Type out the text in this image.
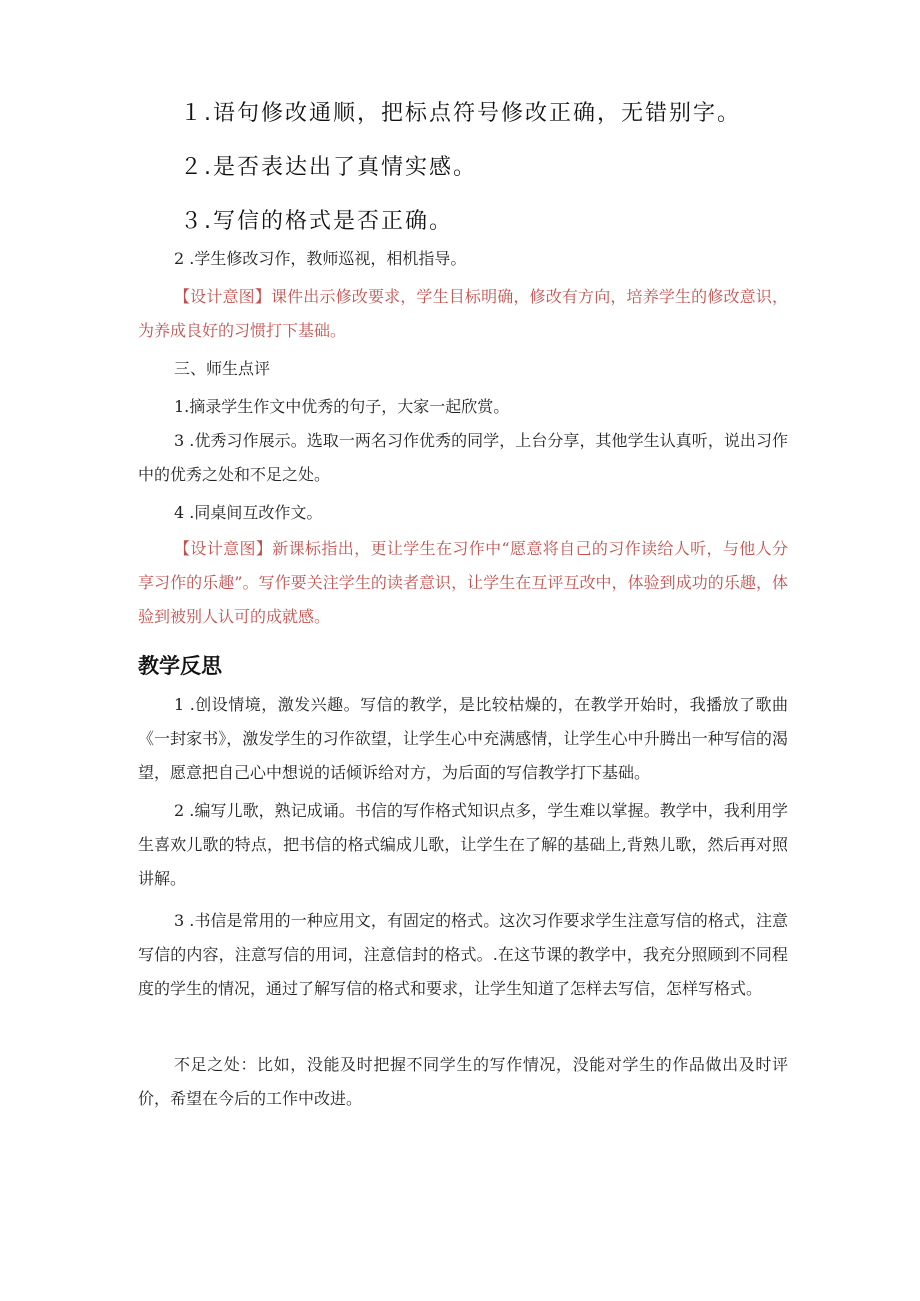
１.语句修改通顺，把标点符号修改正确，无错别字。
２.是否表达出了真情实感。
３.写信的格式是否正确。
2 .学生修改习作，教师巡视，相机指导。
【设计意图】课件出示修改要求，学生目标明确，修改有方向，培养学生的修改意识，为养成良好的习惯打下基础。
三、师生点评
1.摘录学生作文中优秀的句子，大家一起欣赏。
3 .优秀习作展示。选取一两名习作优秀的同学，上台分享，其他学生认真听，说出习作中的优秀之处和不足之处。
4 .同桌间互改作文。
【设计意图】新课标指出，更让学生在习作中“愿意将自己的习作读给人听，与他人分享习作的乐趣”。写作要关注学生的读者意识，让学生在互评互改中，体验到成功的乐趣，体验到被别人认可的成就感。
教学反思
1 .创设情境，激发兴趣。写信的教学，是比较枯燥的，在教学开始时，我播放了歌曲《一封家书》，激发学生的习作欲望，让学生心中充满感情，让学生心中升腾出一种写信的渴望，愿意把自己心中想说的话倾诉给对方，为后面的写信教学打下基础。
2 .编写儿歌，熟记成诵。书信的写作格式知识点多，学生难以掌握。教学中，我利用学生喜欢儿歌的特点，把书信的格式编成儿歌，让学生在了解的基础上,背熟儿歌，然后再对照讲解。
3 .书信是常用的一种应用文，有固定的格式。这次习作要求学生注意写信的格式，注意写信的内容，注意写信的用词，注意信封的格式。.在这节课的教学中，我充分照顾到不同程度的学生的情况，通过了解写信的格式和要求，让学生知道了怎样去写信，怎样写格式。
不足之处：比如，没能及时把握不同学生的写作情况，没能对学生的作品做出及时评价，希望在今后的工作中改进。
